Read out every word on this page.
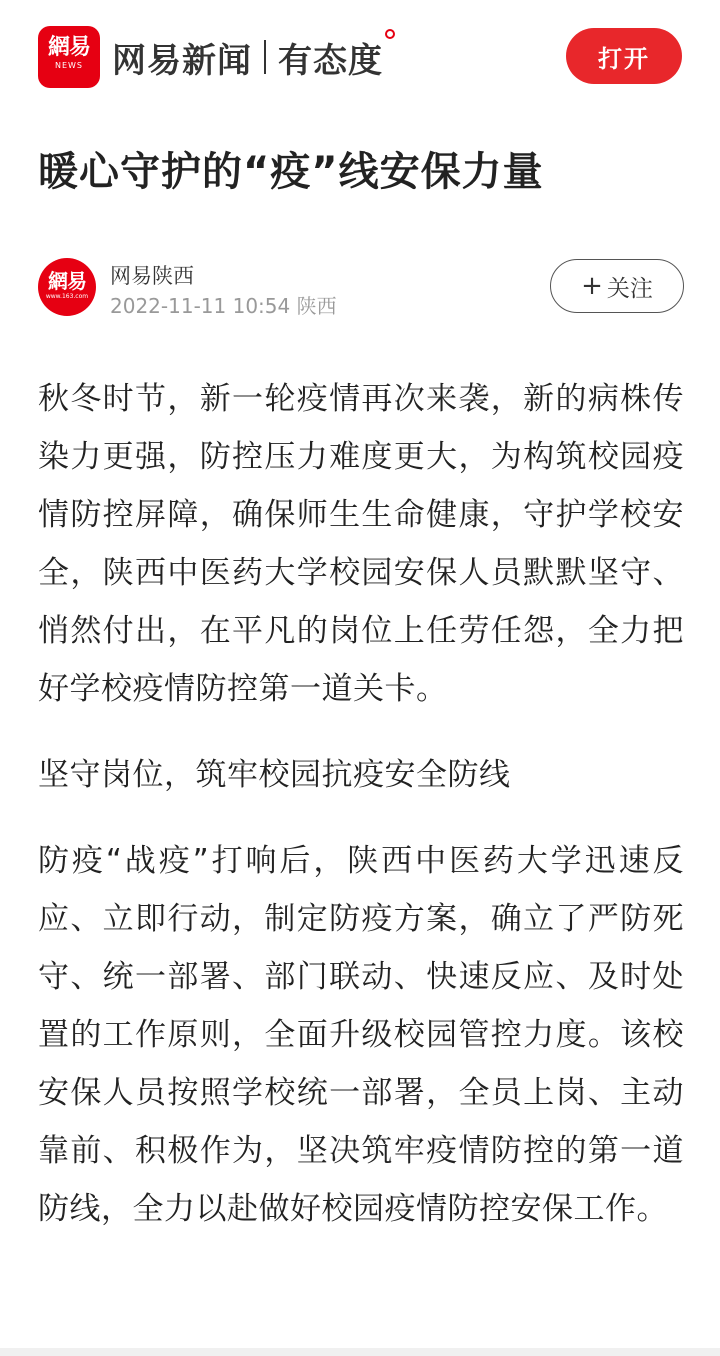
網易
NEWS 网易新闻 有态度	打开
暖心守护的“疫”线安保力量
網易
www.163.com
网易陕西
2022-11-11 10:54 陕西
+ 关注

秋冬时节，新一轮疫情再次来袭，新的病株传染力更强，防控压力难度更大，为构筑校园疫情防控屏障，确保师生生命健康，守护学校安全，陕西中医药大学校园安保人员默默坚守、悄然付出，在平凡的岗位上任劳任怨，全力把好学校疫情防控第一道关卡。

坚守岗位，筑牢校园抗疫安全防线

防疫“战疫”打响后，陕西中医药大学迅速反应、立即行动，制定防疫方案，确立了严防死守、统一部署、部门联动、快速反应、及时处置的工作原则，全面升级校园管控力度。该校安保人员按照学校统一部署，全员上岗、主动靠前、积极作为，坚决筑牢疫情防控的第一道防线，全力以赴做好校园疫情防控安保工作。
